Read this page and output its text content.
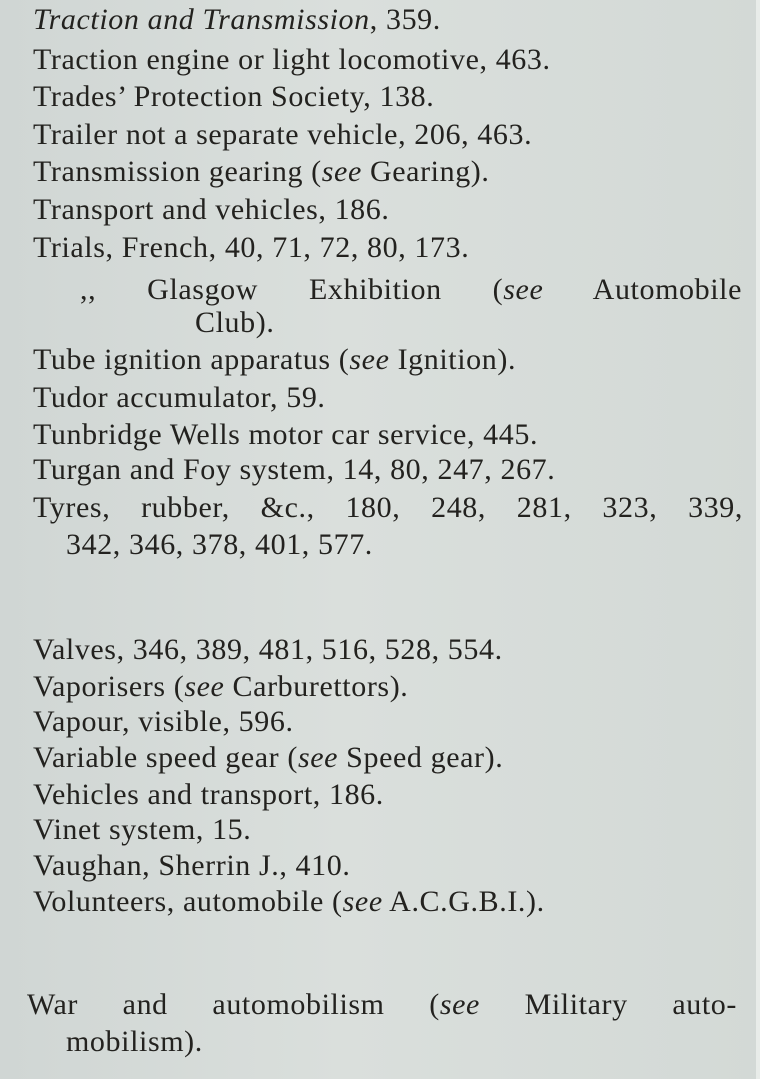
Traction and Transmission, 359.
Traction engine or light locomotive, 463.
Trades’ Protection Society, 138.
Trailer not a separate vehicle, 206, 463.
Transmission gearing (see Gearing).
Transport and vehicles, 186.
Trials, French, 40, 71, 72, 80, 173.
,, Glasgow Exhibition (see Automobile
Club).
Tube ignition apparatus (see Ignition).
Tudor accumulator, 59.
Tunbridge Wells motor car service, 445.
Turgan and Foy system, 14, 80, 247, 267.
Tyres, rubber, &c., 180, 248, 281, 323, 339,
342, 346, 378, 401, 577.
Valves, 346, 389, 481, 516, 528, 554.
Vaporisers (see Carburettors).
Vapour, visible, 596.
Variable speed gear (see Speed gear).
Vehicles and transport, 186.
Vinet system, 15.
Vaughan, Sherrin J., 410.
Volunteers, automobile (see A.C.G.B.I.).
War and automobilism (see Military auto-
mobilism).
